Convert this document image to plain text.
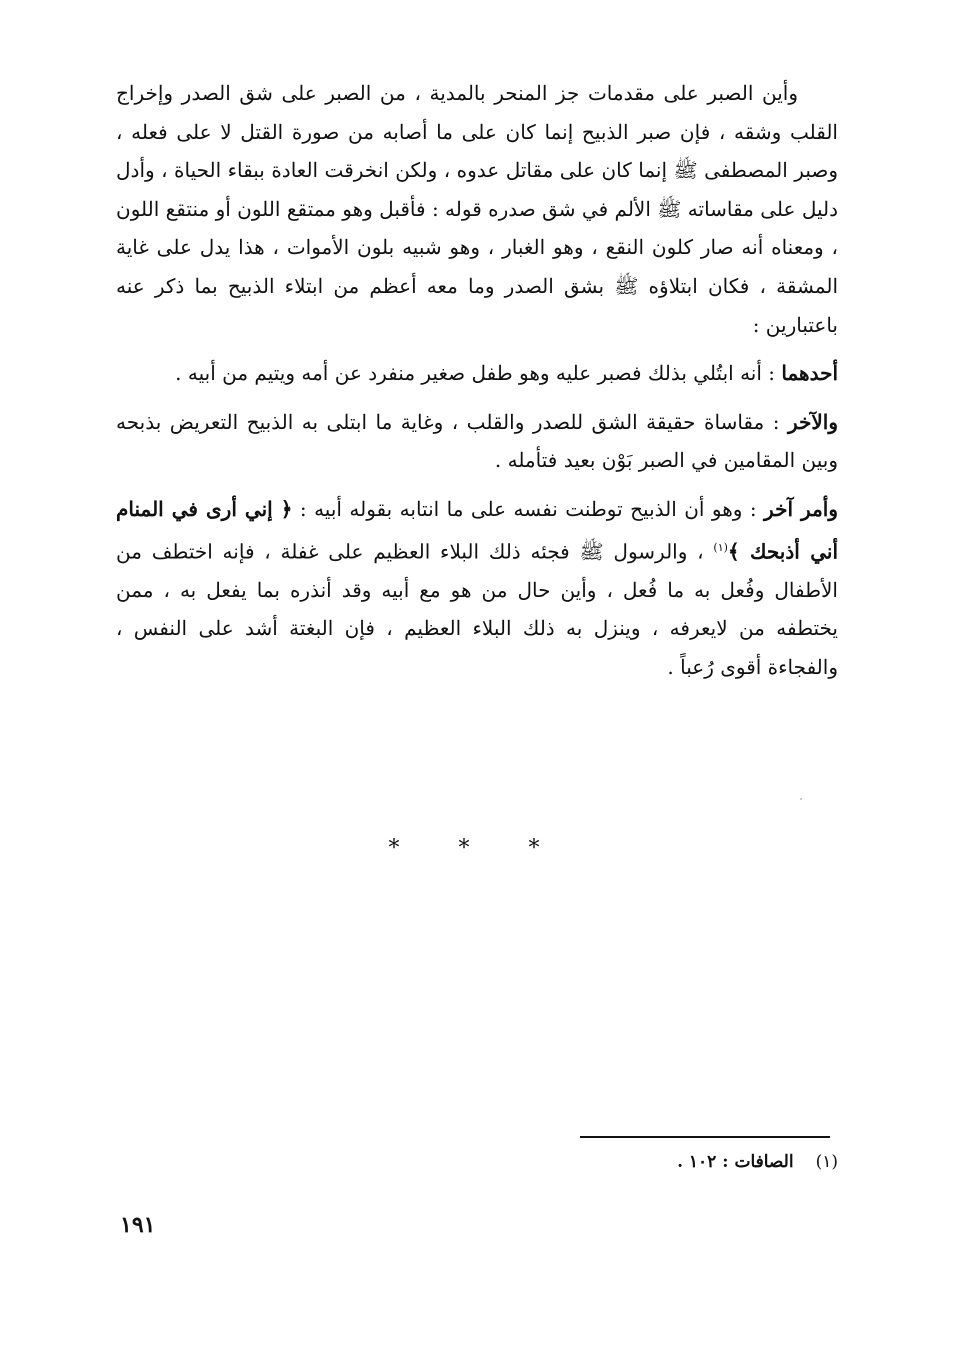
وأين الصبر على مقدمات جز المنحر بالمدية ، من الصبر على شق الصدر وإخراج القلب وشقه ، فإن صبر الذبيح إنما كان على ما أصابه من صورة القتل لا على فعله ، وصبر المصطفى ﷺ إنما كان على مقاتل عدوه ، ولكن انخرقت العادة ببقاء الحياة ، وأدل دليل على مقاساته ﷺ الألم في شق صدره قوله : فأقبل وهو ممتقع اللون أو منتقع اللون ، ومعناه أنه صار كلون النقع ، وهو الغبار ، وهو شبيه بلون الأموات ، هذا يدل على غاية المشقة ، فكان ابتلاؤه ﷺ بشق الصدر وما معه أعظم من ابتلاء الذبيح بما ذكر عنه باعتبارين :

أحدهما : أنه ابتُلي بذلك فصبر عليه وهو طفل صغير منفرد عن أمه ويتيم من أبيه .

والآخر : مقاساة حقيقة الشق للصدر والقلب ، وغاية ما ابتلى به الذبيح التعريض بذبحه وبين المقامين في الصبر بَوْن بعيد فتأمله .

وأمر آخر : وهو أن الذبيح توطنت نفسه على ما انتابه بقوله أبيه : ﴿ إني أرى في المنام أني أذبحك ﴾$^{(١)}$ ، والرسول ﷺ فجئه ذلك البلاء العظيم على غفلة ، فإنه اختطف من الأطفال وفُعل به ما فُعل ، وأين حال من هو مع أبيه وقد أنذره بما يفعل به ، ممن يختطفه من لايعرفه ، وينزل به ذلك البلاء العظيم ، فإن البغتة أشد على النفس ، والفجاءة أقوى رُعباً .

* * *
(١)الصافات : ١٠٢ .
١٩١
